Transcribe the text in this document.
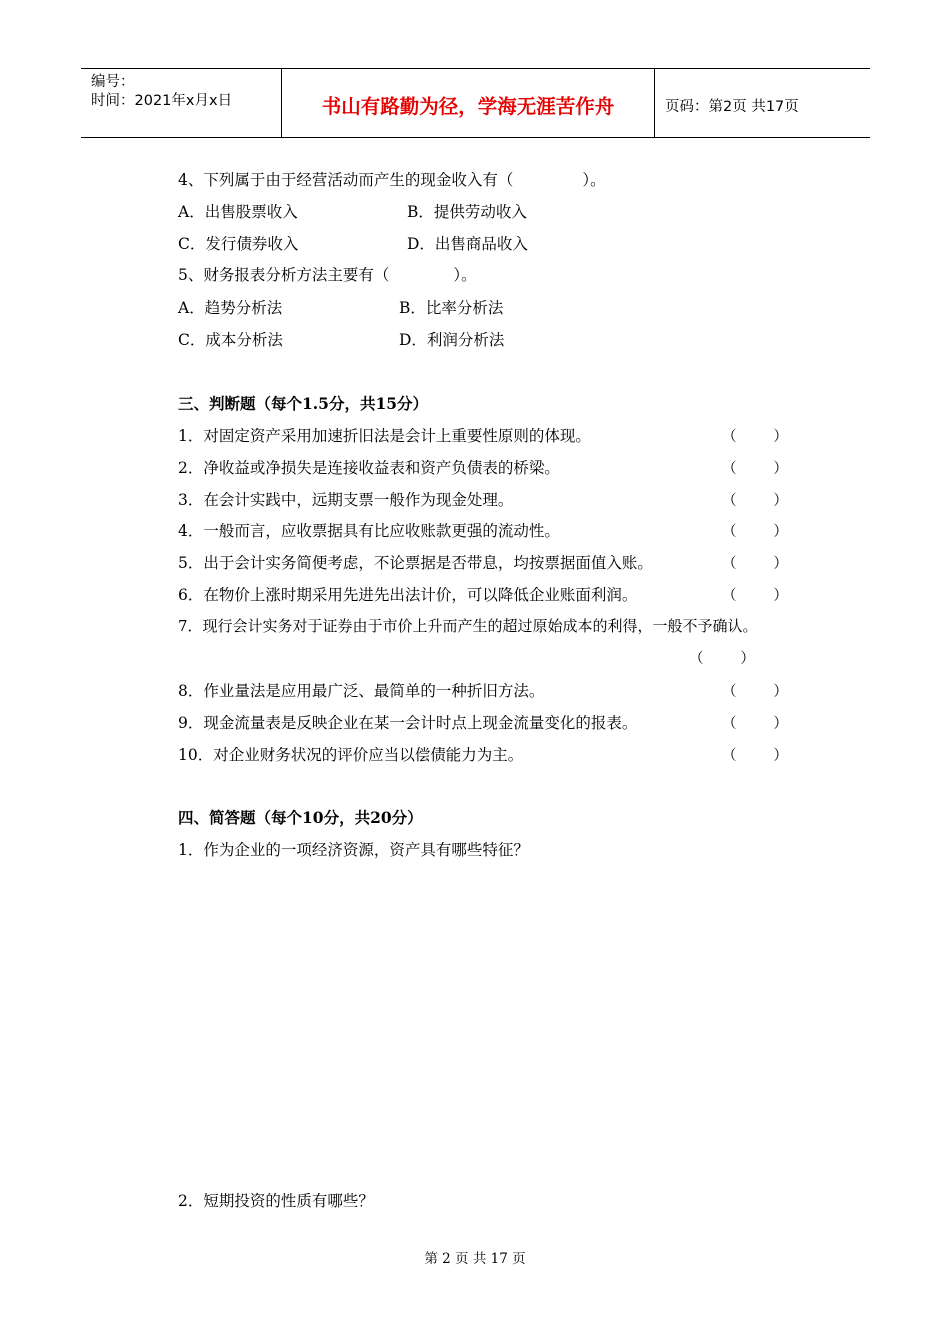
编号：
时间：2021年x月x日	书山有路勤为径，学海无涯苦作舟	页码：第2页 共17页
4、下列属于由于经营活动而产生的现金收入有（              ）。
A．出售股票收入	B．提供劳动收入
C．发行债券收入	D．出售商品收入
5、财务报表分析方法主要有（             ）。
A．趋势分析法	B．比率分析法
C．成本分析法	D．利润分析法
三、判断题（每个1.5分，共15分）
1．对固定资产采用加速折旧法是会计上重要性原则的体现。	（        ）
2．净收益或净损失是连接收益表和资产负债表的桥梁。	（        ）
3．在会计实践中，远期支票一般作为现金处理。	（        ）
4．一般而言，应收票据具有比应收账款更强的流动性。	（        ）
5．出于会计实务简便考虑，不论票据是否带息，均按票据面值入账。	（        ）
6．在物价上涨时期采用先进先出法计价，可以降低企业账面利润。	（        ）
7．现行会计实务对于证券由于市价上升而产生的超过原始成本的利得，一般不予确认。
（        ）
8．作业量法是应用最广泛、最简单的一种折旧方法。	（        ）
9．现金流量表是反映企业在某一会计时点上现金流量变化的报表。	（        ）
10．对企业财务状况的评价应当以偿债能力为主。	（        ）
四、简答题（每个10分，共20分）
1．作为企业的一项经济资源，资产具有哪些特征？
2．短期投资的性质有哪些？
第 2 页 共 17 页
